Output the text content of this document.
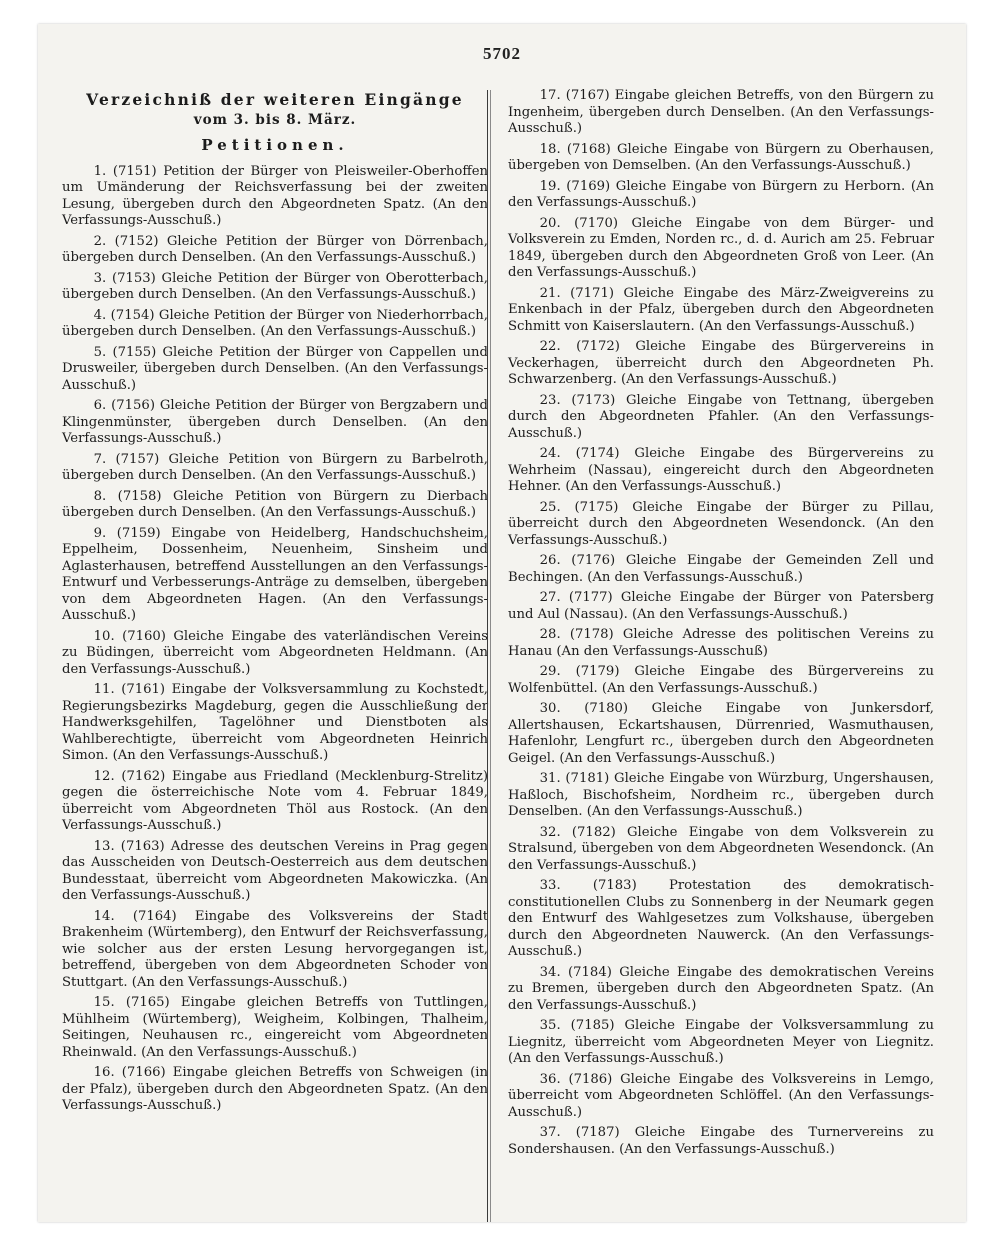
5702

Verzeichniß der weiteren Eingänge

vom 3. bis 8. März.

Petitionen.

1. (7151) Petition der Bürger von Pleisweiler-Oberhoffen um Umänderung der Reichsverfassung bei der zweiten Lesung, übergeben durch den Abgeordneten Spatz. (An den Verfassungs-Ausschuß.)

2. (7152) Gleiche Petition der Bürger von Dörrenbach, übergeben durch Denselben. (An den Verfassungs-Ausschuß.)

3. (7153) Gleiche Petition der Bürger von Oberotterbach, übergeben durch Denselben. (An den Verfassungs-Ausschuß.)

4. (7154) Gleiche Petition der Bürger von Niederhorrbach, übergeben durch Denselben. (An den Verfassungs-Ausschuß.)

5. (7155) Gleiche Petition der Bürger von Cappellen und Drusweiler, übergeben durch Denselben. (An den Verfassungs-Ausschuß.)

6. (7156) Gleiche Petition der Bürger von Bergzabern und Klingenmünster, übergeben durch Denselben. (An den Verfassungs-Ausschuß.)

7. (7157) Gleiche Petition von Bürgern zu Barbelroth, übergeben durch Denselben. (An den Verfassungs-Ausschuß.)

8. (7158) Gleiche Petition von Bürgern zu Dierbach übergeben durch Denselben. (An den Verfassungs-Ausschuß.)

9. (7159) Eingabe von Heidelberg, Handschuchsheim, Eppelheim, Dossenheim, Neuenheim, Sinsheim und Aglasterhausen, betreffend Ausstellungen an den Verfassungs-Entwurf und Verbesserungs-Anträge zu demselben, übergeben von dem Abgeordneten Hagen. (An den Verfassungs-Ausschuß.)

10. (7160) Gleiche Eingabe des vaterländischen Vereins zu Büdingen, überreicht vom Abgeordneten Heldmann. (An den Verfassungs-Ausschuß.)

11. (7161) Eingabe der Volksversammlung zu Kochstedt, Regierungsbezirks Magdeburg, gegen die Ausschließung der Handwerksgehilfen, Tagelöhner und Dienstboten als Wahlberechtigte, überreicht vom Abgeordneten Heinrich Simon. (An den Verfassungs-Ausschuß.)

12. (7162) Eingabe aus Friedland (Mecklenburg-Strelitz) gegen die österreichische Note vom 4. Februar 1849, überreicht vom Abgeordneten Thöl aus Rostock. (An den Verfassungs-Ausschuß.)

13. (7163) Adresse des deutschen Vereins in Prag gegen das Ausscheiden von Deutsch-Oesterreich aus dem deutschen Bundesstaat, überreicht vom Abgeordneten Makowiczka. (An den Verfassungs-Ausschuß.)

14. (7164) Eingabe des Volksvereins der Stadt Brakenheim (Würtemberg), den Entwurf der Reichsverfassung, wie solcher aus der ersten Lesung hervorgegangen ist, betreffend, übergeben von dem Abgeordneten Schoder von Stuttgart. (An den Verfassungs-Ausschuß.)

15. (7165) Eingabe gleichen Betreffs von Tuttlingen, Mühlheim (Würtemberg), Weigheim, Kolbingen, Thalheim, Seitingen, Neuhausen rc., eingereicht vom Abgeordneten Rheinwald. (An den Verfassungs-Ausschuß.)

16. (7166) Eingabe gleichen Betreffs von Schweigen (in der Pfalz), übergeben durch den Abgeordneten Spatz. (An den Verfassungs-Ausschuß.)

17. (7167) Eingabe gleichen Betreffs, von den Bürgern zu Ingenheim, übergeben durch Denselben. (An den Verfassungs-Ausschuß.)

18. (7168) Gleiche Eingabe von Bürgern zu Oberhausen, übergeben von Demselben. (An den Verfassungs-Ausschuß.)

19. (7169) Gleiche Eingabe von Bürgern zu Herborn. (An den Verfassungs-Ausschuß.)

20. (7170) Gleiche Eingabe von dem Bürger- und Volksverein zu Emden, Norden rc., d. d. Aurich am 25. Februar 1849, übergeben durch den Abgeordneten Groß von Leer. (An den Verfassungs-Ausschuß.)

21. (7171) Gleiche Eingabe des März-Zweigvereins zu Enkenbach in der Pfalz, übergeben durch den Abgeordneten Schmitt von Kaiserslautern. (An den Verfassungs-Ausschuß.)

22. (7172) Gleiche Eingabe des Bürgervereins in Veckerhagen, überreicht durch den Abgeordneten Ph. Schwarzenberg. (An den Verfassungs-Ausschuß.)

23. (7173) Gleiche Eingabe von Tettnang, übergeben durch den Abgeordneten Pfahler. (An den Verfassungs-Ausschuß.)

24. (7174) Gleiche Eingabe des Bürgervereins zu Wehrheim (Nassau), eingereicht durch den Abgeordneten Hehner. (An den Verfassungs-Ausschuß.)

25. (7175) Gleiche Eingabe der Bürger zu Pillau, überreicht durch den Abgeordneten Wesendonck. (An den Verfassungs-Ausschuß.)

26. (7176) Gleiche Eingabe der Gemeinden Zell und Bechingen. (An den Verfassungs-Ausschuß.)

27. (7177) Gleiche Eingabe der Bürger von Patersberg und Aul (Nassau). (An den Verfassungs-Ausschuß.)

28. (7178) Gleiche Adresse des politischen Vereins zu Hanau (An den Verfassungs-Ausschuß)

29. (7179) Gleiche Eingabe des Bürgervereins zu Wolfenbüttel. (An den Verfassungs-Ausschuß.)

30. (7180) Gleiche Eingabe von Junkersdorf, Allertshausen, Eckartshausen, Dürrenried, Wasmuthausen, Hafenlohr, Lengfurt rc., übergeben durch den Abgeordneten Geigel. (An den Verfassungs-Ausschuß.)

31. (7181) Gleiche Eingabe von Würzburg, Ungershausen, Haßloch, Bischofsheim, Nordheim rc., übergeben durch Denselben. (An den Verfassungs-Ausschuß.)

32. (7182) Gleiche Eingabe von dem Volksverein zu Stralsund, übergeben von dem Abgeordneten Wesendonck. (An den Verfassungs-Ausschuß.)

33. (7183) Protestation des demokratisch-constitutionellen Clubs zu Sonnenberg in der Neumark gegen den Entwurf des Wahlgesetzes zum Volkshause, übergeben durch den Abgeordneten Nauwerck. (An den Verfassungs-Ausschuß.)

34. (7184) Gleiche Eingabe des demokratischen Vereins zu Bremen, übergeben durch den Abgeordneten Spatz. (An den Verfassungs-Ausschuß.)

35. (7185) Gleiche Eingabe der Volksversammlung zu Liegnitz, überreicht vom Abgeordneten Meyer von Liegnitz. (An den Verfassungs-Ausschuß.)

36. (7186) Gleiche Eingabe des Volksvereins in Lemgo, überreicht vom Abgeordneten Schlöffel. (An den Verfassungs-Ausschuß.)

37. (7187) Gleiche Eingabe des Turnervereins zu Sondershausen. (An den Verfassungs-Ausschuß.)
